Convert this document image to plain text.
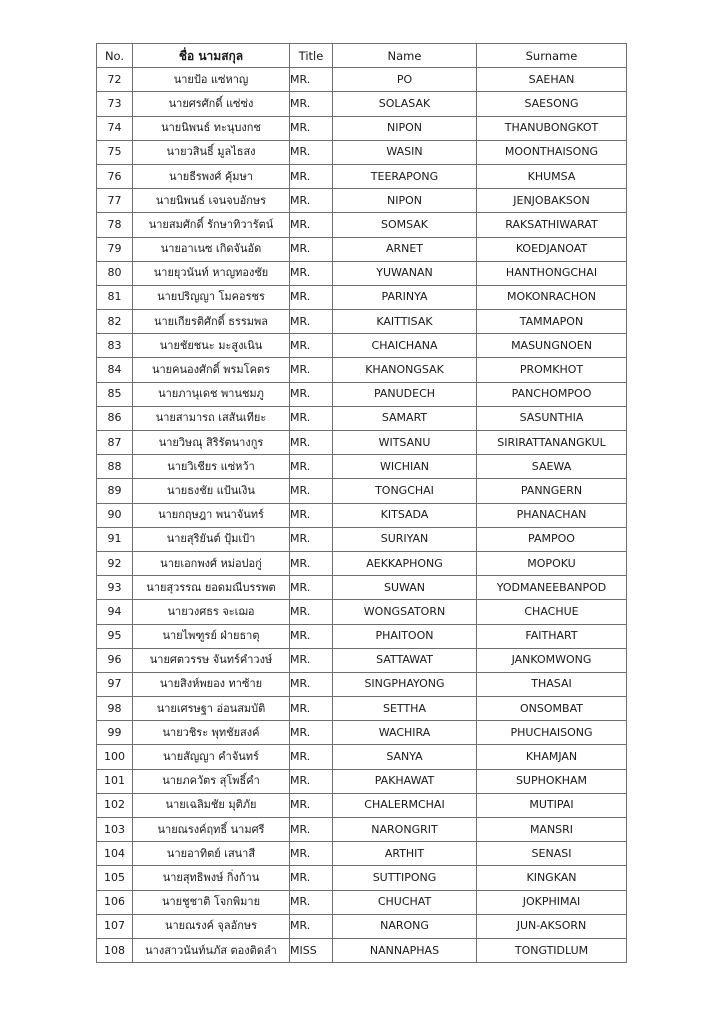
No.	ชื่อ นามสกุล	Title	Name	Surname
72	นายป้อ แซ่หาญ	MR.	PO	SAEHAN
73	นายศรศักดิ์ แซ่ซ่ง	MR.	SOLASAK	SAESONG
74	นายนิพนธ์ ทะนุบงกช	MR.	NIPON	THANUBONGKOT
75	นายวสินธิ์ มูลไธสง	MR.	WASIN	MOONTHAISONG
76	นายธีรพงศ์ คุ้มษา	MR.	TEERAPONG	KHUMSA
77	นายนิพนธ์ เจนจบอักษร	MR.	NIPON	JENJOBAKSON
78	นายสมศักดิ์ รักษาทิวารัตน์	MR.	SOMSAK	RAKSATHIWARAT
79	นายอาเนซ เกิดจันอัด	MR.	ARNET	KOEDJANOAT
80	นายยุวนันท์ หาญทองชัย	MR.	YUWANAN	HANTHONGCHAI
81	นายปริญญา โมคอรชร	MR.	PARINYA	MOKONRACHON
82	นายเกียรติศักดิ์ ธรรมพล	MR.	KAITTISAK	TAMMAPON
83	นายชัยชนะ มะสูงเนิน	MR.	CHAICHANA	MASUNGNOEN
84	นายคนองศักดิ์ พรมโคตร	MR.	KHANONGSAK	PROMKHOT
85	นายภานุเดช พานชมภู	MR.	PANUDECH	PANCHOMPOO
86	นายสามารถ เสสันเทียะ	MR.	SAMART	SASUNTHIA
87	นายวิษณุ สิริรัตนางกูร	MR.	WITSANU	SIRIRATTANANGKUL
88	นายวิเชียร แซ่หว้า	MR.	WICHIAN	SAEWA
89	นายธงชัย แป้นเงิน	MR.	TONGCHAI	PANNGERN
90	นายกฤษฎา พนาจันทร์	MR.	KITSADA	PHANACHAN
91	นายสุริยันต์ ปุ้มเป้า	MR.	SURIYAN	PAMPOO
92	นายเอกพงศ์ หม่อปอกู่	MR.	AEKKAPHONG	MOPOKU
93	นายสุวรรณ ยอดมณีบรรพต	MR.	SUWAN	YODMANEEBANPOD
94	นายวงศธร จะเฌอ	MR.	WONGSATORN	CHACHUE
95	นายไพฑูรย์ ฝ่ายธาตุ	MR.	PHAITOON	FAITHART
96	นายศตวรรษ จันทร์คำวงษ์	MR.	SATTAWAT	JANKOMWONG
97	นายสิงห์พยอง ทาซ้าย	MR.	SINGPHAYONG	THASAI
98	นายเศรษฐา อ่อนสมบัติ	MR.	SETTHA	ONSOMBAT
99	นายวชิระ พุทชัยสงค์	MR.	WACHIRA	PHUCHAISONG
100	นายสัญญา คำจันทร์	MR.	SANYA	KHAMJAN
101	นายภควัตร สุโพธิ์คำ	MR.	PAKHAWAT	SUPHOKHAM
102	นายเฉลิมชัย มุติภัย	MR.	CHALERMCHAI	MUTIPAI
103	นายณรงค์ฤทธิ์ นามศรี	MR.	NARONGRIT	MANSRI
104	นายอาทิตย์ เสนาสี	MR.	ARTHIT	SENASI
105	นายสุทธิพงษ์ กิ่งก้าน	MR.	SUTTIPONG	KINGKAN
106	นายชูชาติ โจกพิมาย	MR.	CHUCHAT	JOKPHIMAI
107	นายณรงค์ จุลอักษร	MR.	NARONG	JUN-AKSORN
108	นางสาวนันท์นภัส ตองติดลำ	MISS	NANNAPHAS	TONGTIDLUM
